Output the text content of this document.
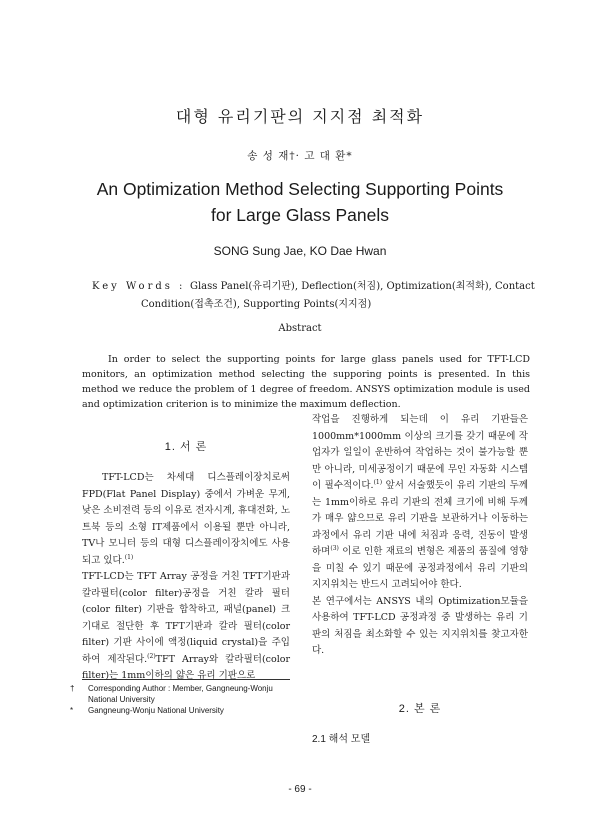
대형 유리기판의 지지점 최적화
송 성 재†· 고 대 환*
An Optimization Method Selecting Supporting Points
for Large Glass Panels
SONG Sung Jae, KO Dae Hwan
Key Words : Glass Panel(유리기판), Deflection(처짐), Optimization(최적화), Contact
Condition(접촉조건), Supporting Points(지지점)
Abstract
In order to select the supporting points for large glass panels used for TFT-LCD monitors, an optimization method selecting the supporing points is presented. In this method we reduce the problem of 1 degree of freedom. ANSYS optimization module is used and optimization criterion is to minimize the maximum deflection.
1. 서 론

TFT-LCD는 차세대 디스플레이장치로써 FPD(Flat Panel Display) 중에서 가벼운 무게, 낮은 소비전력 등의 이유로 전자시계, 휴대전화, 노트북 등의 소형 IT제품에서 이용될 뿐만 아니라, TV나 모니터 등의 대형 디스플레이장치에도 사용되고 있다.$^{(1)}$

TFT-LCD는 TFT Array 공정을 거친 TFT기판과 칼라필터(color filter)공정을 거친 칼라 필터(color filter) 기판을 합착하고, 패널(panel) 크기대로 절단한 후 TFT기판과 칼라 필터(color filter) 기판 사이에 액정(liquid crystal)을 주입하여 제작된다.$^{(2)}$TFT Array와 칼라필터(color filter)는 1mm이하의 얇은 유리 기판으로

작업을 진행하게 되는데 이 유리 기판들은 1000mm*1000mm 이상의 크기를 갖기 때문에 작업자가 일일이 운반하여 작업하는 것이 불가능할 뿐만 아니라, 미세공정이기 때문에 무인 자동화 시스템이 필수적이다.$^{(1)}$ 앞서 서술했듯이 유리 기판의 두께는 1mm이하로 유리 기판의 전체 크기에 비해 두께가 매우 얇으므로 유리 기판을 보관하거나 이동하는 과정에서 유리 기판 내에 처짐과 응력, 진동이 발생하며$^{(3)}$ 이로 인한 재료의 변형은 제품의 품질에 영향을 미칠 수 있기 때문에 공정과정에서 유리 기판의 지지위치는 반드시 고려되어야 한다.

본 연구에서는 ANSYS 내의 Optimization모듈을 사용하여 TFT-LCD 공정과정 중 발생하는 유리 기판의 처짐을 최소화할 수 있는 지지위치를 찾고자한다.

2. 본 론
2.1 해석 모델
†	Corresponding Author : Member, Gangneung-Wonju National University
*	Gangneung-Wonju National University
- 69 -
